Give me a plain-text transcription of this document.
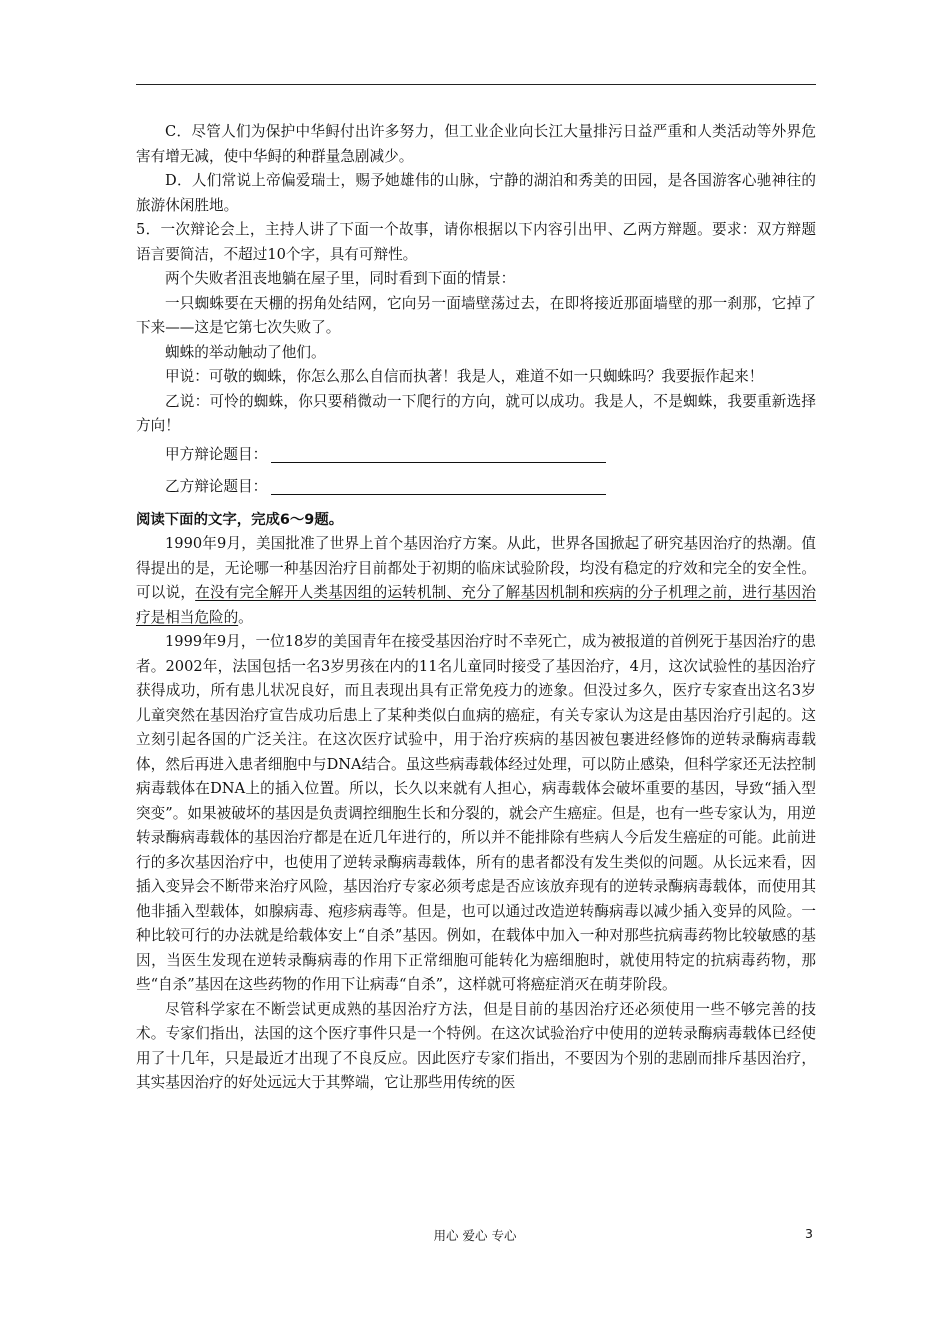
C．尽管人们为保护中华鲟付出许多努力，但工业企业向长江大量排污日益严重和人类活动等外界危害有增无减，使中华鲟的种群量急剧减少。

D．人们常说上帝偏爱瑞士，赐予她雄伟的山脉，宁静的湖泊和秀美的田园，是各国游客心驰神往的旅游休闲胜地。

5．一次辩论会上，主持人讲了下面一个故事，请你根据以下内容引出甲、乙两方辩题。要求：双方辩题语言要简洁，不超过10个字，具有可辩性。

两个失败者沮丧地躺在屋子里，同时看到下面的情景：

一只蜘蛛要在天棚的拐角处结网，它向另一面墙壁荡过去，在即将接近那面墙壁的那一刹那，它掉了下来——这是它第七次失败了。

蜘蛛的举动触动了他们。

甲说：可敬的蜘蛛，你怎么那么自信而执著！我是人，难道不如一只蜘蛛吗？我要振作起来！

乙说：可怜的蜘蛛，你只要稍微动一下爬行的方向，就可以成功。我是人，不是蜘蛛，我要重新选择方向！

甲方辩论题目：
乙方辩论题目：

阅读下面的文字，完成6～9题。

1990年9月，美国批准了世界上首个基因治疗方案。从此，世界各国掀起了研究基因治疗的热潮。值得提出的是，无论哪一种基因治疗目前都处于初期的临床试验阶段，均没有稳定的疗效和完全的安全性。可以说，在没有完全解开人类基因组的运转机制、充分了解基因机制和疾病的分子机理之前，进行基因治疗是相当危险的。

1999年9月，一位18岁的美国青年在接受基因治疗时不幸死亡，成为被报道的首例死于基因治疗的患者。2002年，法国包括一名3岁男孩在内的11名儿童同时接受了基因治疗，4月，这次试验性的基因治疗获得成功，所有患儿状况良好，而且表现出具有正常免疫力的迹象。但没过多久，医疗专家查出这名3岁儿童突然在基因治疗宣告成功后患上了某种类似白血病的癌症，有关专家认为这是由基因治疗引起的。这立刻引起各国的广泛关注。在这次医疗试验中，用于治疗疾病的基因被包裹进经修饰的逆转录酶病毒载体，然后再进入患者细胞中与DNA结合。虽这些病毒载体经过处理，可以防止感染，但科学家还无法控制病毒载体在DNA上的插入位置。所以，长久以来就有人担心，病毒载体会破坏重要的基因，导致“插入型突变”。如果被破坏的基因是负责调控细胞生长和分裂的，就会产生癌症。但是，也有一些专家认为，用逆转录酶病毒载体的基因治疗都是在近几年进行的，所以并不能排除有些病人今后发生癌症的可能。此前进行的多次基因治疗中，也使用了逆转录酶病毒载体，所有的患者都没有发生类似的问题。从长远来看，因插入变异会不断带来治疗风险，基因治疗专家必须考虑是否应该放弃现有的逆转录酶病毒载体，而使用其他非插入型载体，如腺病毒、疱疹病毒等。但是，也可以通过改造逆转酶病毒以减少插入变异的风险。一种比较可行的办法就是给载体安上“自杀”基因。例如，在载体中加入一种对那些抗病毒药物比较敏感的基因，当医生发现在逆转录酶病毒的作用下正常细胞可能转化为癌细胞时，就使用特定的抗病毒药物，那些“自杀”基因在这些药物的作用下让病毒“自杀”，这样就可将癌症消灭在萌芽阶段。

尽管科学家在不断尝试更成熟的基因治疗方法，但是目前的基因治疗还必须使用一些不够完善的技术。专家们指出，法国的这个医疗事件只是一个特例。在这次试验治疗中使用的逆转录酶病毒载体已经使用了十几年，只是最近才出现了不良反应。因此医疗专家们指出，不要因为个别的悲剧而排斥基因治疗，其实基因治疗的好处远远大于其弊端，它让那些用传统的医

用心 爱心 专心	3
